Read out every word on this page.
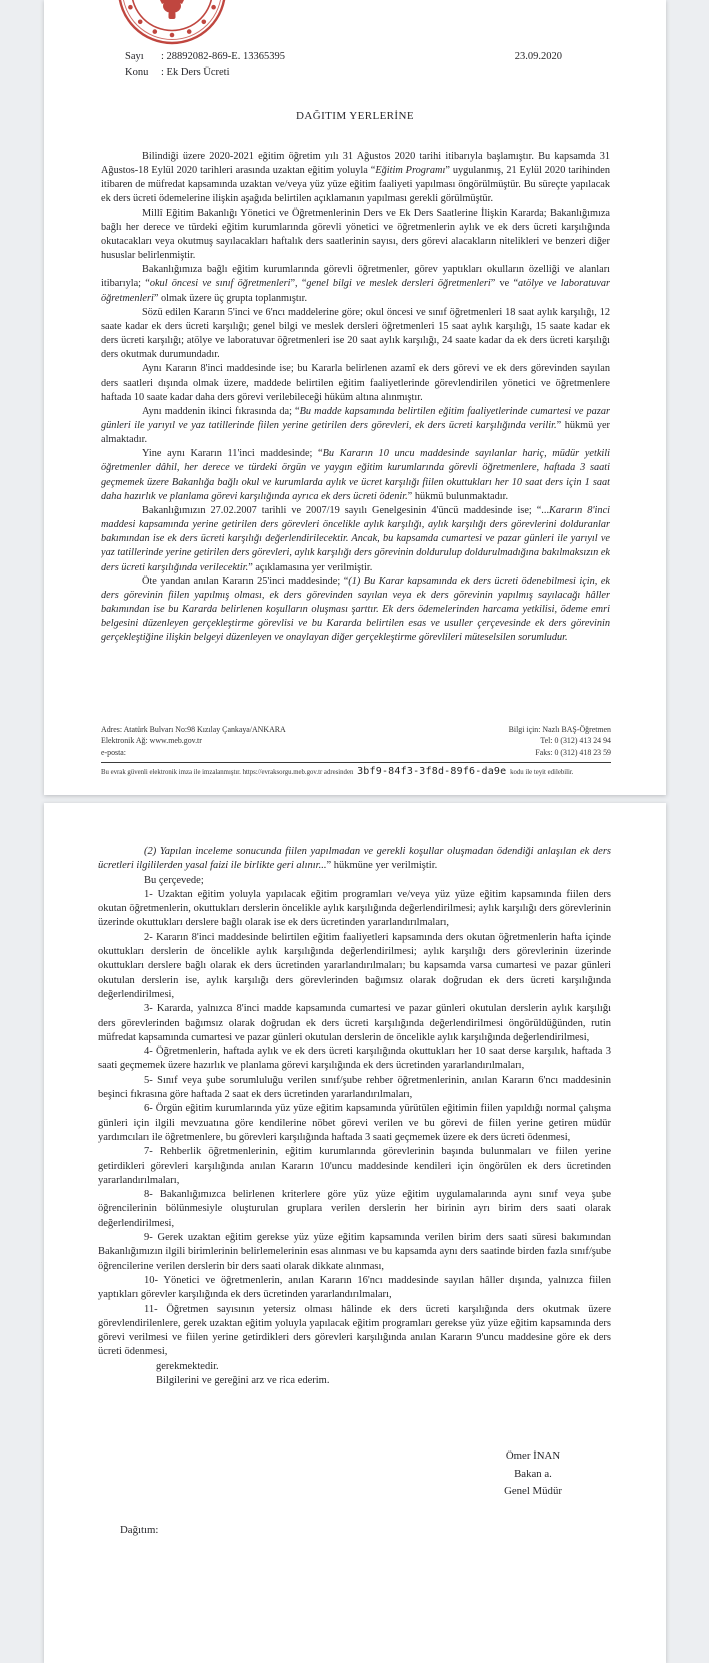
Sayı	: 28892082-869-E. 13365395
Konu	: Ek Ders Ücreti
23.09.2020
DAĞITIM YERLERİNE

Bilindiği üzere 2020-2021 eğitim öğretim yılı 31 Ağustos 2020 tarihi itibarıyla başlamıştır. Bu kapsamda 31 Ağustos-18 Eylül 2020 tarihleri arasında uzaktan eğitim yoluyla “Eğitim Programı” uygulanmış, 21 Eylül 2020 tarihinden itibaren de müfredat kapsamında uzaktan ve/veya yüz yüze eğitim faaliyeti yapılması öngörülmüştür. Bu süreçte yapılacak ek ders ücreti ödemelerine ilişkin aşağıda belirtilen açıklamanın yapılması gerekli görülmüştür.

Millî Eğitim Bakanlığı Yönetici ve Öğretmenlerinin Ders ve Ek Ders Saatlerine İlişkin Kararda; Bakanlığımıza bağlı her derece ve türdeki eğitim kurumlarında görevli yönetici ve öğretmenlerin aylık ve ek ders ücreti karşılığında okutacakları veya okutmuş sayılacakları haftalık ders saatlerinin sayısı, ders görevi alacakların nitelikleri ve benzeri diğer hususlar belirlenmiştir.

Bakanlığımıza bağlı eğitim kurumlarında görevli öğretmenler, görev yaptıkları okulların özelliği ve alanları itibarıyla; “okul öncesi ve sınıf öğretmenleri”, “genel bilgi ve meslek dersleri öğretmenleri” ve “atölye ve laboratuvar öğretmenleri” olmak üzere üç grupta toplanmıştır.

Sözü edilen Kararın 5'inci ve 6'ncı maddelerine göre; okul öncesi ve sınıf öğretmenleri 18 saat aylık karşılığı, 12 saate kadar ek ders ücreti karşılığı; genel bilgi ve meslek dersleri öğretmenleri 15 saat aylık karşılığı, 15 saate kadar ek ders ücreti karşılığı; atölye ve laboratuvar öğretmenleri ise 20 saat aylık karşılığı, 24 saate kadar da ek ders ücreti karşılığı ders okutmak durumundadır.

Aynı Kararın 8'inci maddesinde ise; bu Kararla belirlenen azamî ek ders görevi ve ek ders görevinden sayılan ders saatleri dışında olmak üzere, maddede belirtilen eğitim faaliyetlerinde görevlendirilen yönetici ve öğretmenlere haftada 10 saate kadar daha ders görevi verilebileceği hüküm altına alınmıştır.

Aynı maddenin ikinci fıkrasında da; “Bu madde kapsamında belirtilen eğitim faaliyetlerinde cumartesi ve pazar günleri ile yarıyıl ve yaz tatillerinde fiilen yerine getirilen ders görevleri, ek ders ücreti karşılığında verilir.” hükmü yer almaktadır.

Yine aynı Kararın 11'inci maddesinde; “Bu Kararın 10 uncu maddesinde sayılanlar hariç, müdür yetkili öğretmenler dâhil, her derece ve türdeki örgün ve yaygın eğitim kurumlarında görevli öğretmenlere, haftada 3 saati geçmemek üzere Bakanlığa bağlı okul ve kurumlarda aylık ve ücret karşılığı fiilen okuttukları her 10 saat ders için 1 saat daha hazırlık ve planlama görevi karşılığında ayrıca ek ders ücreti ödenir.” hükmü bulunmaktadır.

Bakanlığımızın 27.02.2007 tarihli ve 2007/19 sayılı Genelgesinin 4'üncü maddesinde ise; “...Kararın 8'inci maddesi kapsamında yerine getirilen ders görevleri öncelikle aylık karşılığı, aylık karşılığı ders görevlerini dolduranlar bakımından ise ek ders ücreti karşılığı değerlendirilecektir. Ancak, bu kapsamda cumartesi ve pazar günleri ile yarıyıl ve yaz tatillerinde yerine getirilen ders görevleri, aylık karşılığı ders görevinin doldurulup doldurulmadığına bakılmaksızın ek ders ücreti karşılığında verilecektir.” açıklamasına yer verilmiştir.

Öte yandan anılan Kararın 25'inci maddesinde; “(1) Bu Karar kapsamında ek ders ücreti ödenebilmesi için, ek ders görevinin fiilen yapılmış olması, ek ders görevinden sayılan veya ek ders görevinin yapılmış sayılacağı hâller bakımından ise bu Kararda belirlenen koşulların oluşması şarttır. Ek ders ödemelerinden harcama yetkilisi, ödeme emri belgesini düzenleyen gerçekleştirme görevlisi ve bu Kararda belirtilen esas ve usuller çerçevesinde ek ders görevinin gerçekleştiğine ilişkin belgeyi düzenleyen ve onaylayan diğer gerçekleştirme görevlileri müteselsilen sorumludur.

Adres: Atatürk Bulvarı No:98 Kızılay Çankaya/ANKARA
Elektronik Ağ: www.meb.gov.tr
e-posta:
Bilgi için: Nazlı BAŞ-Öğretmen
Tel: 0 (312) 413 24 94
Faks: 0 (312) 418 23 59
Bu evrak güvenli elektronik imza ile imzalanmıştır. https://evraksorgu.meb.gov.tr adresinden 3bf9-84f3-3f8d-89f6-da9e kodu ile teyit edilebilir.

(2) Yapılan inceleme sonucunda fiilen yapılmadan ve gerekli koşullar oluşmadan ödendiği anlaşılan ek ders ücretleri ilgililerden yasal faizi ile birlikte geri alınır...” hükmüne yer verilmiştir.

Bu çerçevede;

1- Uzaktan eğitim yoluyla yapılacak eğitim programları ve/veya yüz yüze eğitim kapsamında fiilen ders okutan öğretmenlerin, okuttukları derslerin öncelikle aylık karşılığında değerlendirilmesi; aylık karşılığı ders görevlerinin üzerinde okuttukları derslere bağlı olarak ise ek ders ücretinden yararlandırılmaları,

2- Kararın 8'inci maddesinde belirtilen eğitim faaliyetleri kapsamında ders okutan öğretmenlerin hafta içinde okuttukları derslerin de öncelikle aylık karşılığında değerlendirilmesi; aylık karşılığı ders görevlerinin üzerinde okuttukları derslere bağlı olarak ek ders ücretinden yararlandırılmaları; bu kapsamda varsa cumartesi ve pazar günleri okutulan derslerin ise, aylık karşılığı ders görevlerinden bağımsız olarak doğrudan ek ders ücreti karşılığında değerlendirilmesi,

3- Kararda, yalnızca 8'inci madde kapsamında cumartesi ve pazar günleri okutulan derslerin aylık karşılığı ders görevlerinden bağımsız olarak doğrudan ek ders ücreti karşılığında değerlendirilmesi öngörüldüğünden, rutin müfredat kapsamında cumartesi ve pazar günleri okutulan derslerin de öncelikle aylık karşılığında değerlendirilmesi,

4- Öğretmenlerin, haftada aylık ve ek ders ücreti karşılığında okuttukları her 10 saat derse karşılık, haftada 3 saati geçmemek üzere hazırlık ve planlama görevi karşılığında ek ders ücretinden yararlandırılmaları,

5- Sınıf veya şube sorumluluğu verilen sınıf/şube rehber öğretmenlerinin, anılan Kararın 6'ncı maddesinin beşinci fıkrasına göre haftada 2 saat ek ders ücretinden yararlandırılmaları,

6- Örgün eğitim kurumlarında yüz yüze eğitim kapsamında yürütülen eğitimin fiilen yapıldığı normal çalışma günleri için ilgili mevzuatına göre kendilerine nöbet görevi verilen ve bu görevi de fiilen yerine getiren müdür yardımcıları ile öğretmenlere, bu görevleri karşılığında haftada 3 saati geçmemek üzere ek ders ücreti ödenmesi,

7- Rehberlik öğretmenlerinin, eğitim kurumlarında görevlerinin başında bulunmaları ve fiilen yerine getirdikleri görevleri karşılığında anılan Kararın 10'uncu maddesinde kendileri için öngörülen ek ders ücretinden yararlandırılmaları,

8- Bakanlığımızca belirlenen kriterlere göre yüz yüze eğitim uygulamalarında aynı sınıf veya şube öğrencilerinin bölünmesiyle oluşturulan gruplara verilen derslerin her birinin ayrı birim ders saati olarak değerlendirilmesi,

9- Gerek uzaktan eğitim gerekse yüz yüze eğitim kapsamında verilen birim ders saati süresi bakımından Bakanlığımızın ilgili birimlerinin belirlemelerinin esas alınması ve bu kapsamda aynı ders saatinde birden fazla sınıf/şube öğrencilerine verilen derslerin bir ders saati olarak dikkate alınması,

10- Yönetici ve öğretmenlerin, anılan Kararın 16'ncı maddesinde sayılan hâller dışında, yalnızca fiilen yaptıkları görevler karşılığında ek ders ücretinden yararlandırılmaları,

11- Öğretmen sayısının yetersiz olması hâlinde ek ders ücreti karşılığında ders okutmak üzere görevlendirilenlere, gerek uzaktan eğitim yoluyla yapılacak eğitim programları gerekse yüz yüze eğitim kapsamında ders görevi verilmesi ve fiilen yerine getirdikleri ders görevleri karşılığında anılan Kararın 9'uncu maddesine göre ek ders ücreti ödenmesi,

gerekmektedir.

Bilgilerini ve gereğini arz ve rica ederim.

Ömer İNAN
Bakan a.
Genel Müdür
Dağıtım:
